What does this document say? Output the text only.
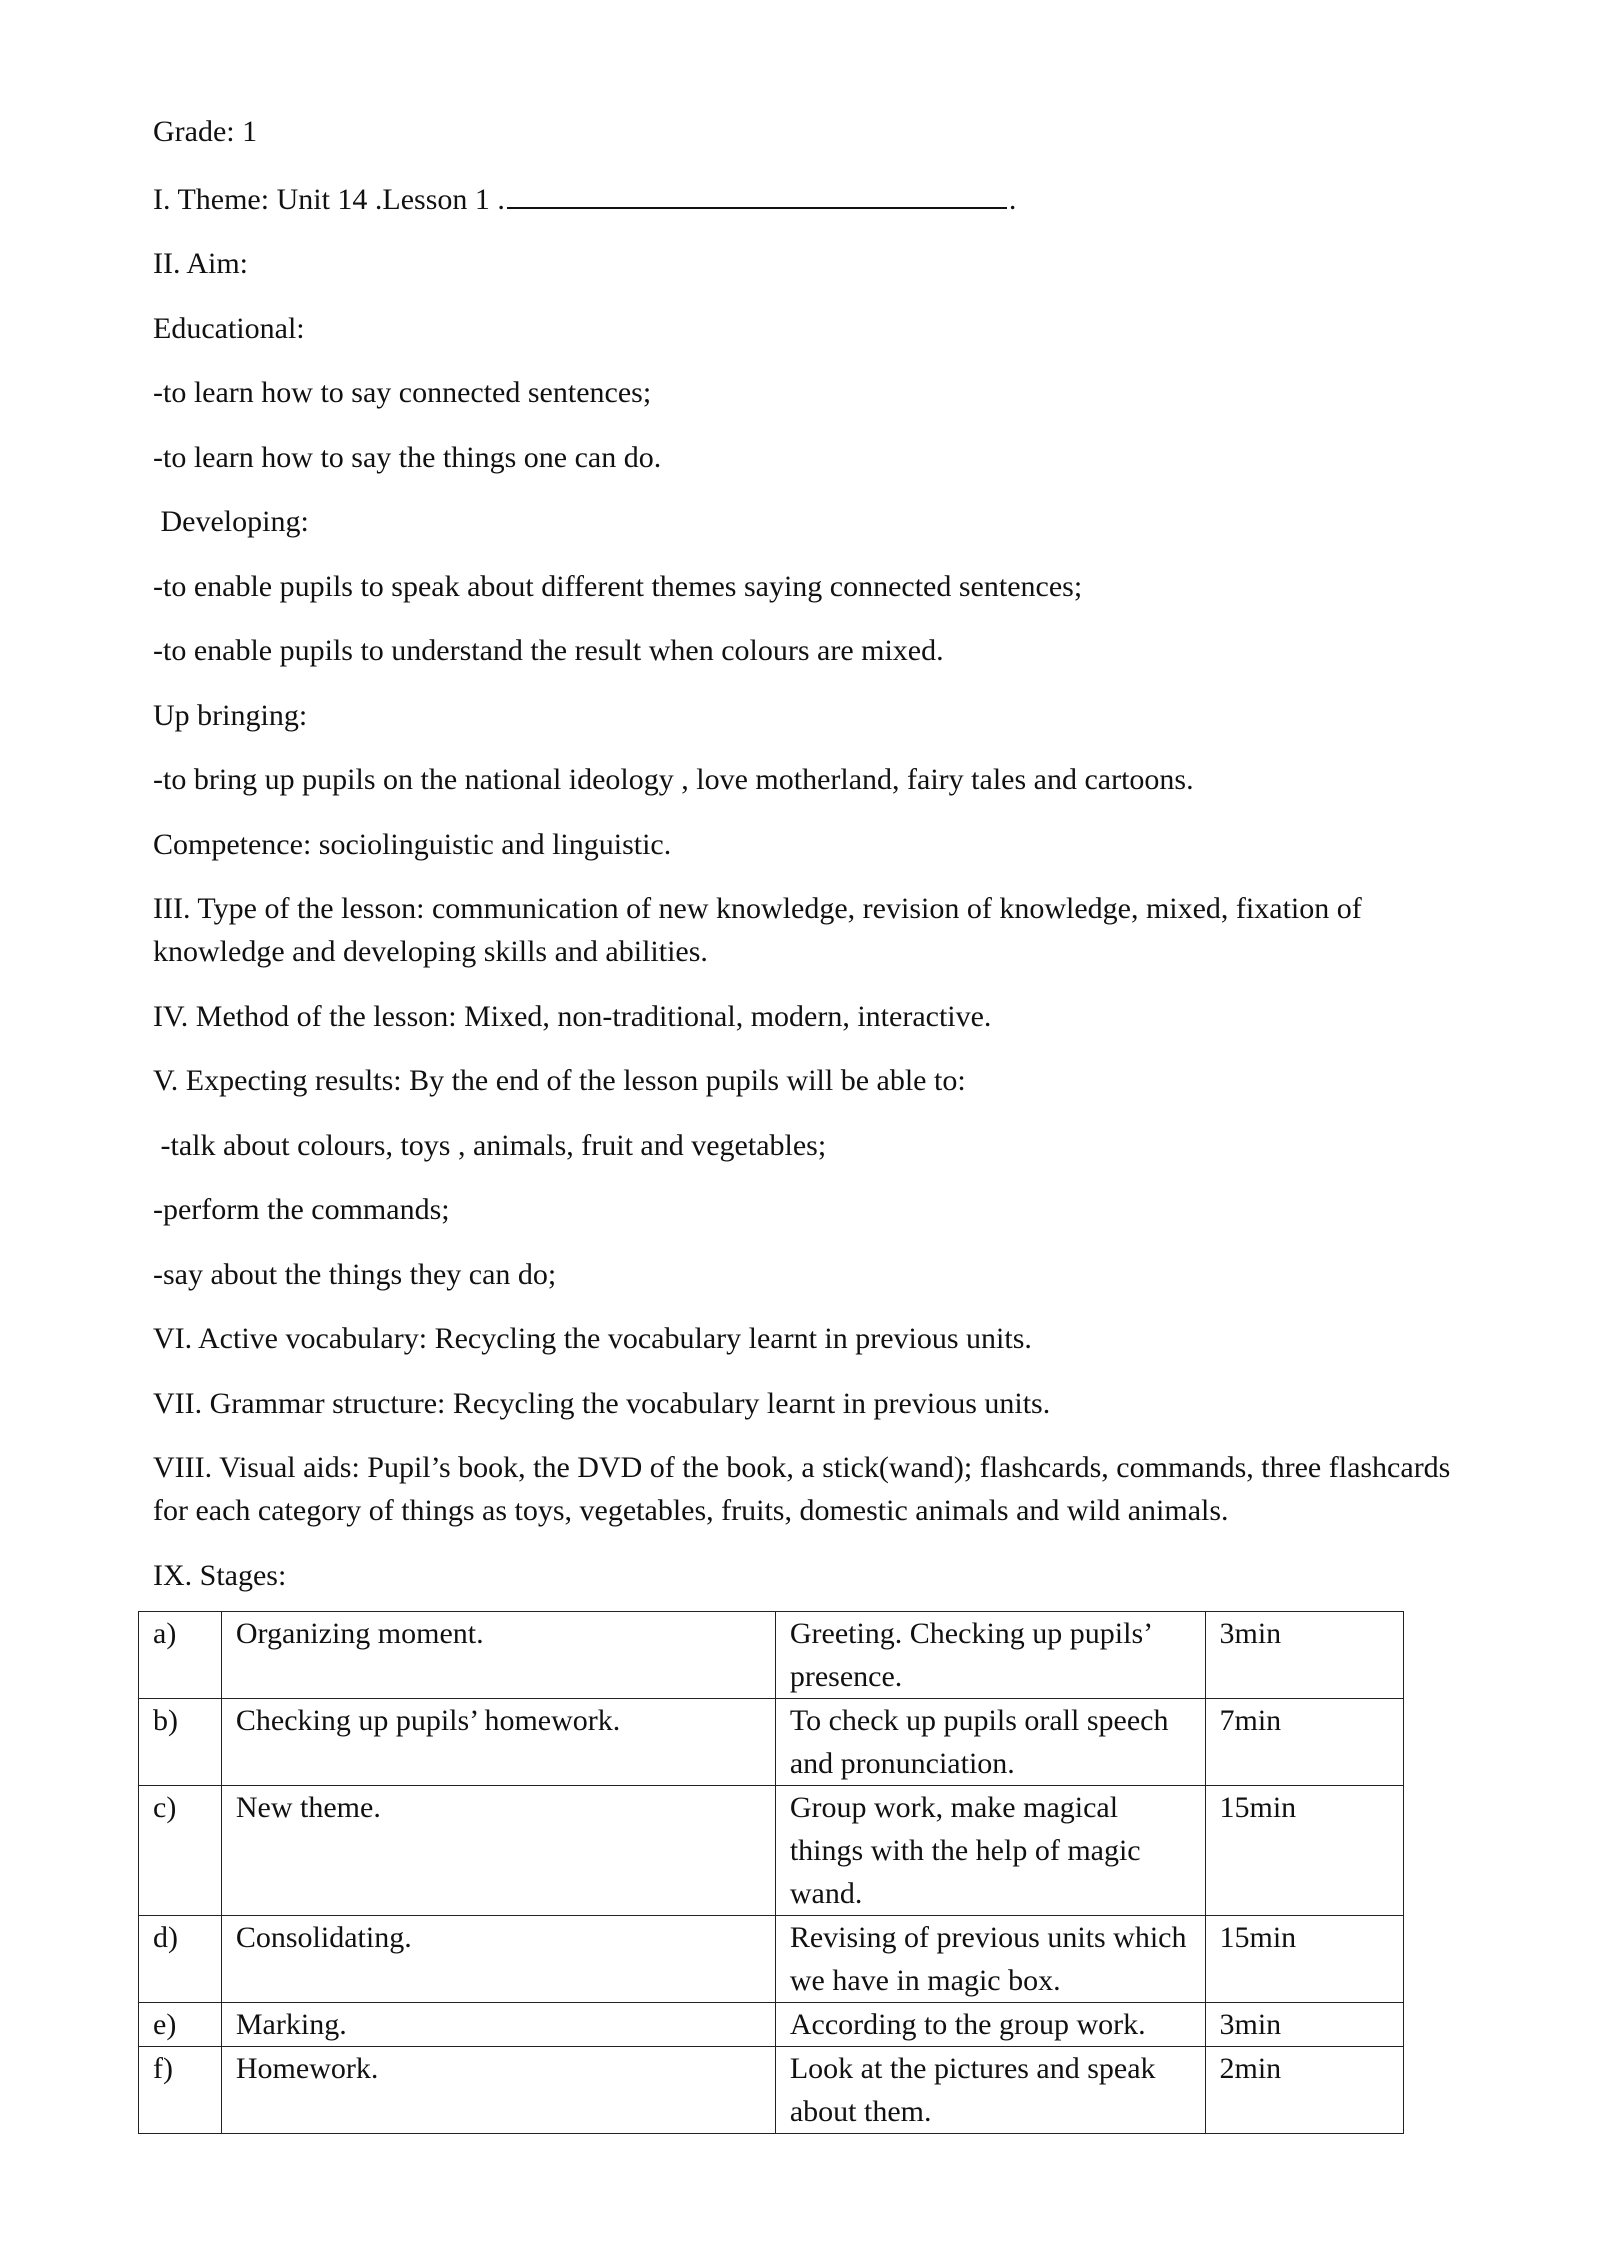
Grade: 1
I. Theme: Unit 14 .Lesson 1 .	.
II. Aim:
Educational:
-to learn how to say connected sentences;
-to learn how to say the things one can do.
Developing:
-to enable pupils to speak about different themes saying connected sentences;
-to enable pupils to understand the result when colours are mixed.
Up bringing:
-to bring up pupils on the national ideology , love motherland, fairy tales and cartoons.
Competence: sociolinguistic and linguistic.
III. Type of the lesson: communication of new knowledge, revision of knowledge, mixed, fixation of knowledge and developing skills and abilities.
IV. Method of the lesson: Mixed, non-traditional, modern, interactive.
V. Expecting results: By the end of the lesson pupils will be able to:
-talk about colours, toys , animals, fruit and vegetables;
-perform the commands;
-say about the things they can do;
VI. Active vocabulary: Recycling the vocabulary learnt in previous units.
VII. Grammar structure: Recycling the vocabulary learnt in previous units.
VIII. Visual aids: Pupil’s book, the DVD of the book, a stick(wand); flashcards, commands, three flashcards for each category of things as toys, vegetables, fruits, domestic animals and wild animals.
IX. Stages:
a)	Organizing moment.	Greeting. Checking up pupils’ presence.	3min
b)	Checking up pupils’ homework.	To check up pupils orall speech and pronunciation.	7min
c)	New theme.	Group work, make magical things with the help of magic wand.	15min
d)	Consolidating.	Revising of previous units which we have in magic box.	15min
e)	Marking.	According to the group work.	3min
f)	Homework.	Look at the pictures and speak about them.	2min
